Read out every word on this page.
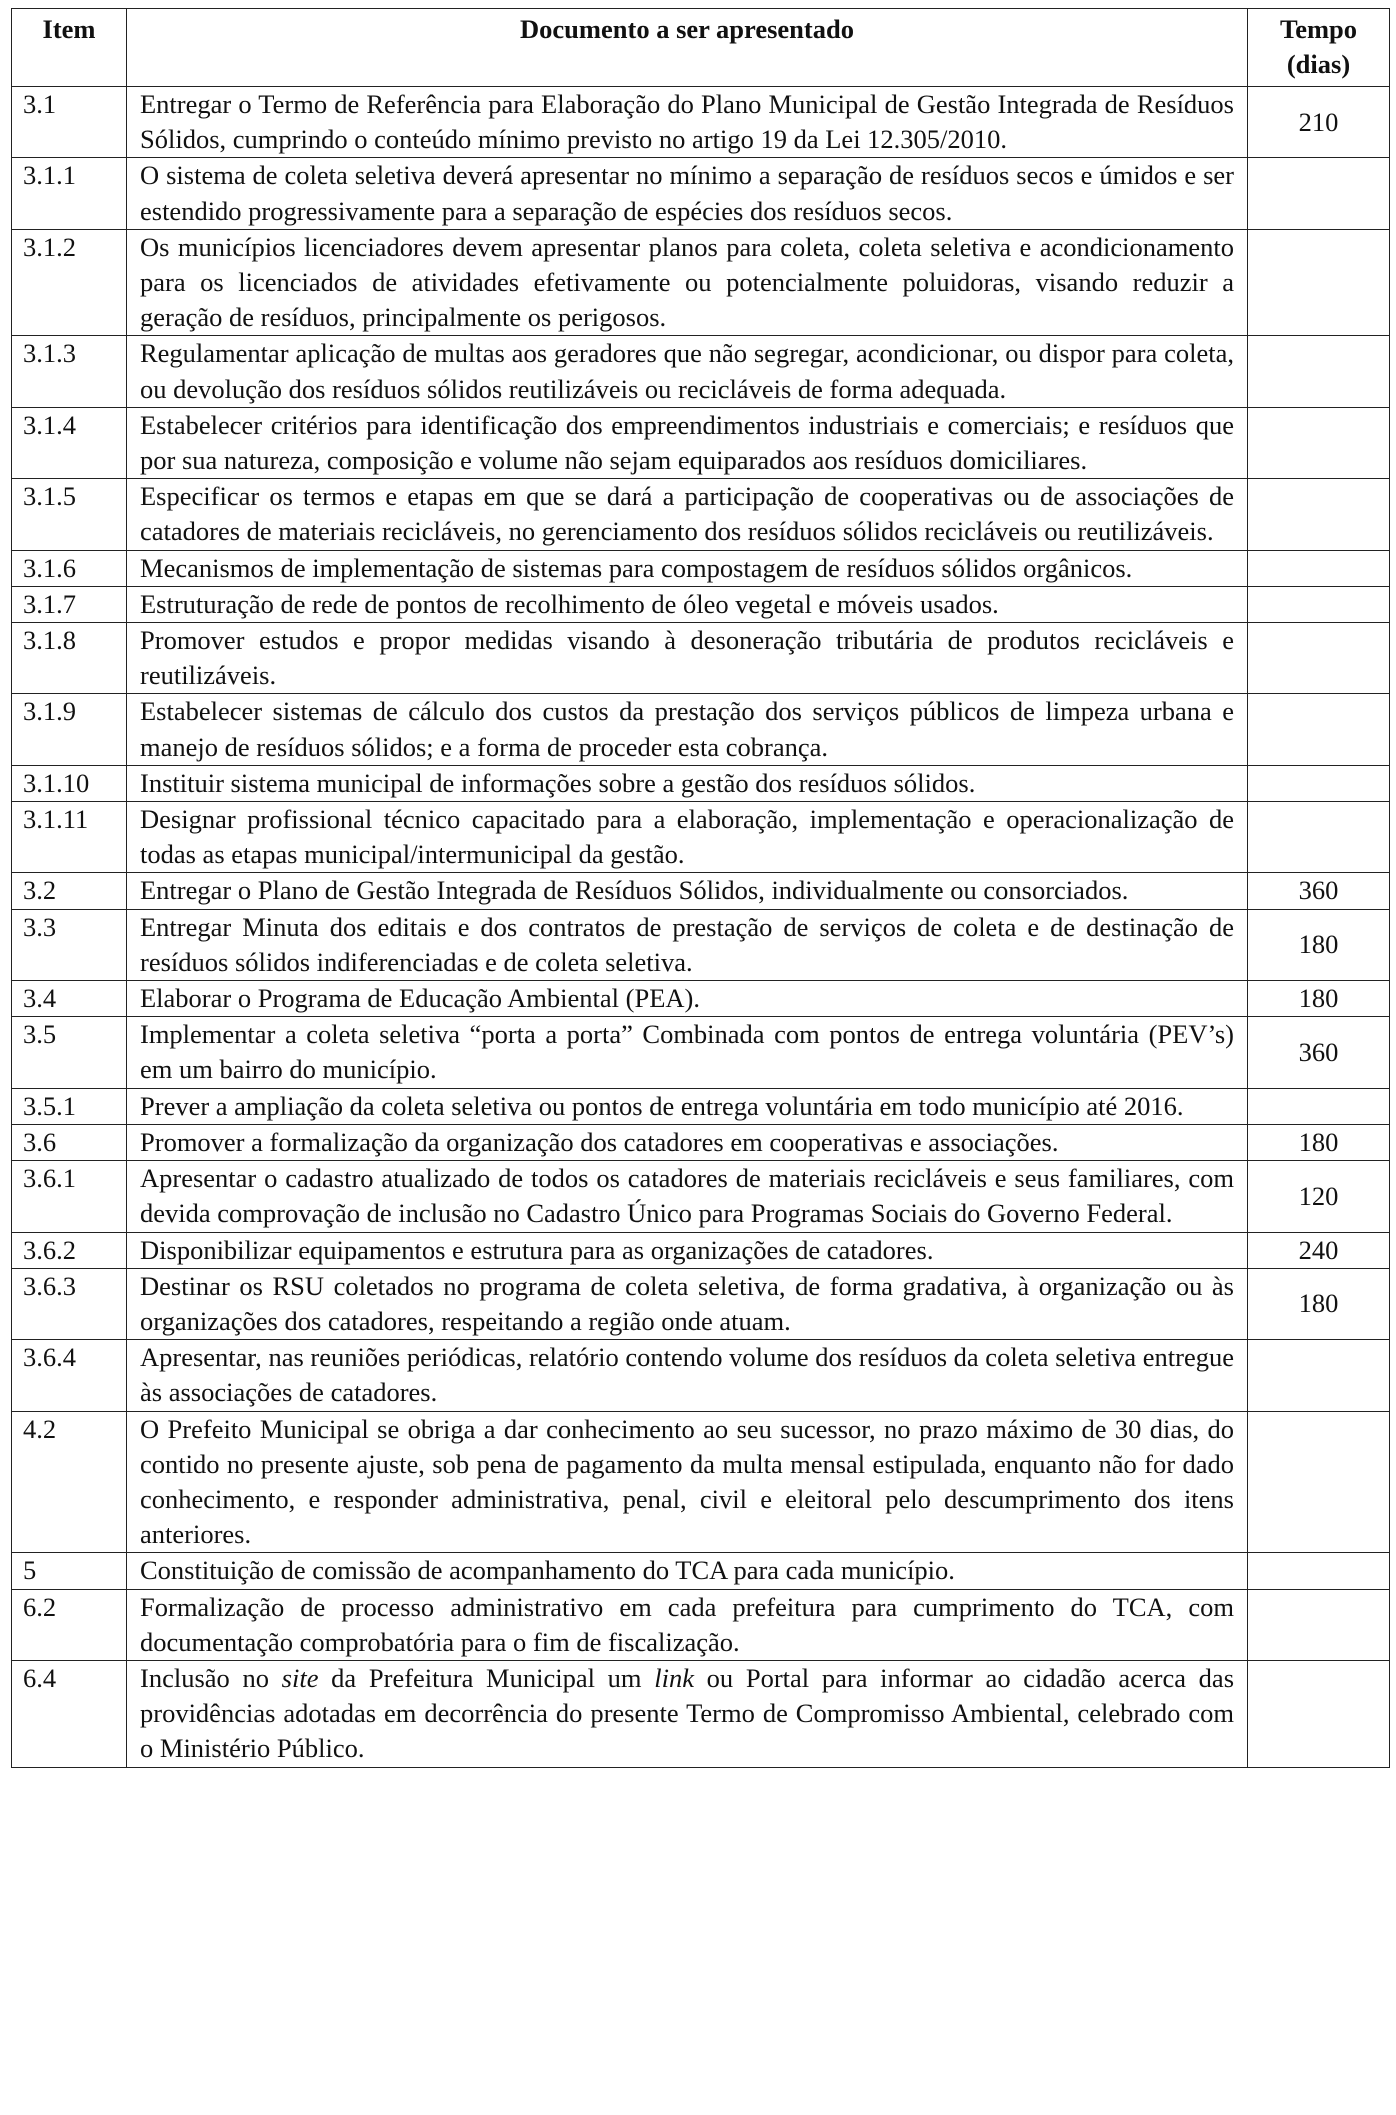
Item	Documento a ser apresentado	Tempo
(dias)
3.1	Entregar o Termo de Referência para Elaboração do Plano Municipal de Gestão Integrada de Resíduos Sólidos, cumprindo o conteúdo mínimo previsto no artigo 19 da Lei 12.305/2010.	210
3.1.1	O sistema de coleta seletiva deverá apresentar no mínimo a separação de resíduos secos e úmidos e ser estendido progressivamente para a separação de espécies dos resíduos secos.	
3.1.2	Os municípios licenciadores devem apresentar planos para coleta, coleta seletiva e acondicionamento para os licenciados de atividades efetivamente ou potencialmente poluidoras, visando reduzir a geração de resíduos, principalmente os perigosos.	
3.1.3	Regulamentar aplicação de multas aos geradores que não segregar, acondicionar, ou dispor para coleta, ou devolução dos resíduos sólidos reutilizáveis ou recicláveis de forma adequada.	
3.1.4	Estabelecer critérios para identificação dos empreendimentos industriais e comerciais; e resíduos que por sua natureza, composição e volume não sejam equiparados aos resíduos domiciliares.	
3.1.5	Especificar os termos e etapas em que se dará a participação de cooperativas ou de associações de catadores de materiais recicláveis, no gerenciamento dos resíduos sólidos recicláveis ou reutilizáveis.	
3.1.6	Mecanismos de implementação de sistemas para compostagem de resíduos sólidos orgânicos.	
3.1.7	Estruturação de rede de pontos de recolhimento de óleo vegetal e móveis usados.	
3.1.8	Promover estudos e propor medidas visando à desoneração tributária de produtos recicláveis e reutilizáveis.	
3.1.9	Estabelecer sistemas de cálculo dos custos da prestação dos serviços públicos de limpeza urbana e manejo de resíduos sólidos; e a forma de proceder esta cobrança.	
3.1.10	Instituir sistema municipal de informações sobre a gestão dos resíduos sólidos.	
3.1.11	Designar profissional técnico capacitado para a elaboração, implementação e operacionalização de todas as etapas municipal/intermunicipal da gestão.	
3.2	Entregar o Plano de Gestão Integrada de Resíduos Sólidos, individualmente ou consorciados.	360
3.3	Entregar Minuta dos editais e dos contratos de prestação de serviços de coleta e de destinação de resíduos sólidos indiferenciadas e de coleta seletiva.	180
3.4	Elaborar o Programa de Educação Ambiental (PEA).	180
3.5	Implementar a coleta seletiva “porta a porta” Combinada com pontos de entrega voluntária (PEV’s) em um bairro do município.	360
3.5.1	Prever a ampliação da coleta seletiva ou pontos de entrega voluntária em todo município até 2016.	
3.6	Promover a formalização da organização dos catadores em cooperativas e associações.	180
3.6.1	Apresentar o cadastro atualizado de todos os catadores de materiais recicláveis e seus familiares, com devida comprovação de inclusão no Cadastro Único para Programas Sociais do Governo Federal.	120
3.6.2	Disponibilizar equipamentos e estrutura para as organizações de catadores.	240
3.6.3	Destinar os RSU coletados no programa de coleta seletiva, de forma gradativa, à organização ou às organizações dos catadores, respeitando a região onde atuam.	180
3.6.4	Apresentar, nas reuniões periódicas, relatório contendo volume dos resíduos da coleta seletiva entregue às associações de catadores.	
4.2	O Prefeito Municipal se obriga a dar conhecimento ao seu sucessor, no prazo máximo de 30 dias, do contido no presente ajuste, sob pena de pagamento da multa mensal estipulada, enquanto não for dado conhecimento, e responder administrativa, penal, civil e eleitoral pelo descumprimento dos itens anteriores.	
5	Constituição de comissão de acompanhamento do TCA para cada município.	
6.2	Formalização de processo administrativo em cada prefeitura para cumprimento do TCA, com documentação comprobatória para o fim de fiscalização.	
6.4	Inclusão no site da Prefeitura Municipal um link ou Portal para informar ao cidadão acerca das providências adotadas em decorrência do presente Termo de Compromisso Ambiental, celebrado com o Ministério Público.	
